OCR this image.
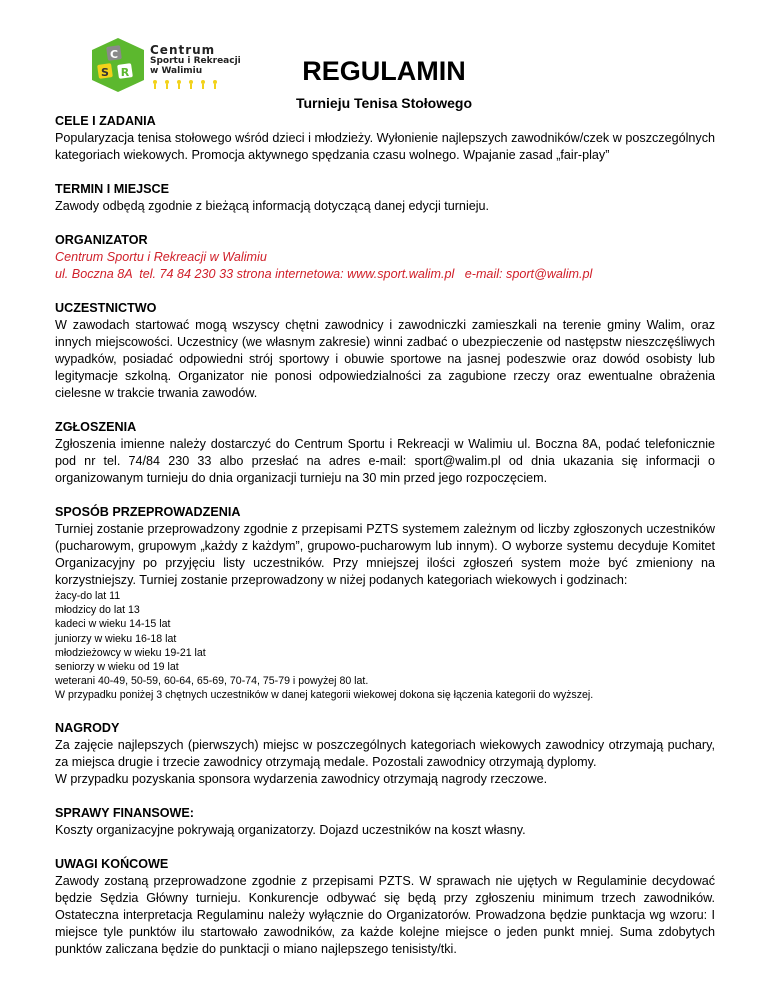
C
S R
Centrum
Sportu i Rekreacji
w Walimiu	REGULAMIN
Turnieju Tenisa Stołowego
CELE I ZADANIA
Popularyzacja tenisa stołowego wśród dzieci i młodzieży. Wyłonienie najlepszych zawodników/czek w poszczególnych kategoriach wiekowych. Promocja aktywnego spędzania czasu wolnego. Wpajanie zasad „fair-play”
TERMIN I MIEJSCE
Zawody odbędą zgodnie z bieżącą informacją dotyczącą danej edycji turnieju.
ORGANIZATOR
Centrum Sportu i Rekreacji w Walimiu
ul. Boczna 8A  tel. 74 84 230 33 strona internetowa: www.sport.walim.pl   e-mail: sport@walim.pl
UCZESTNICTWO
W zawodach startować mogą wszyscy chętni zawodnicy i zawodniczki zamieszkali na terenie gminy Walim, oraz innych miejscowości. Uczestnicy (we własnym zakresie) winni zadbać o ubezpieczenie od następstw nieszczęśliwych wypadków, posiadać odpowiedni strój sportowy i obuwie sportowe na jasnej podeszwie oraz dowód osobisty lub legitymacje szkolną. Organizator nie ponosi odpowiedzialności za zagubione rzeczy oraz ewentualne obrażenia cielesne w trakcie trwania zawodów.
ZGŁOSZENIA
Zgłoszenia imienne należy dostarczyć do Centrum Sportu i Rekreacji w Walimiu ul. Boczna 8A, podać telefonicznie pod nr tel. 74/84 230 33 albo przesłać na adres e-mail: sport@walim.pl od dnia ukazania się informacji o organizowanym turnieju do dnia organizacji turnieju na 30 min przed jego rozpoczęciem.
SPOSÓB PRZEPROWADZENIA
Turniej zostanie przeprowadzony zgodnie z przepisami PZTS systemem zależnym od liczby zgłoszonych uczestników (pucharowym, grupowym „każdy z każdym”, grupowo-pucharowym lub innym). O wyborze systemu decyduje Komitet Organizacyjny po przyjęciu listy uczestników. Przy mniejszej ilości zgłoszeń system może być zmieniony na korzystniejszy. Turniej zostanie przeprowadzony w niżej podanych kategoriach wiekowych i godzinach:
żacy-do lat 11
młodzicy do lat 13
kadeci w wieku 14-15 lat
juniorzy w wieku 16-18 lat
młodzieżowcy w wieku 19-21 lat
seniorzy w wieku od 19 lat
weterani 40-49, 50-59, 60-64, 65-69, 70-74, 75-79 i powyżej 80 lat.
W przypadku poniżej 3 chętnych uczestników w danej kategorii wiekowej dokona się łączenia kategorii do wyższej.
NAGRODY
Za zajęcie najlepszych (pierwszych) miejsc w poszczególnych kategoriach wiekowych zawodnicy otrzymają puchary, za miejsca drugie i trzecie zawodnicy otrzymają medale. Pozostali zawodnicy otrzymają dyplomy.
W przypadku pozyskania sponsora wydarzenia zawodnicy otrzymają nagrody rzeczowe.
SPRAWY FINANSOWE:
Koszty organizacyjne pokrywają organizatorzy. Dojazd uczestników na koszt własny.
UWAGI KOŃCOWE
Zawody zostaną przeprowadzone zgodnie z przepisami PZTS. W sprawach nie ujętych w Regulaminie decydować będzie Sędzia Główny turnieju. Konkurencje odbywać się będą przy zgłoszeniu minimum trzech zawodników. Ostateczna interpretacja Regulaminu należy wyłącznie do Organizatorów. Prowadzona będzie punktacja wg wzoru: I miejsce tyle punktów ilu startowało zawodników, za każde kolejne miejsce o jeden punkt mniej. Suma zdobytych punktów zaliczana będzie do punktacji o miano najlepszego tenisisty/tki.
